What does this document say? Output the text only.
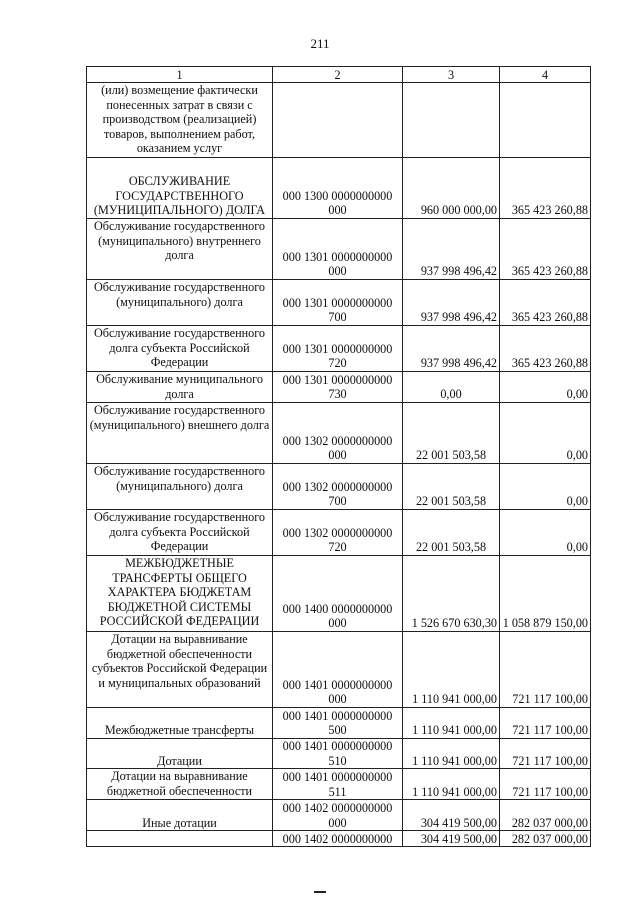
211
1	2	3	4
(или) возмещение фактически понесенных затрат в связи с производством (реализацией) товаров, выполнением работ, оказанием услуг			
ОБСЛУЖИВАНИЕ ГОСУДАРСТВЕННОГО (МУНИЦИПАЛЬНОГО) ДОЛГА	000 1300 0000000000 000	960 000 000,00	365 423 260,88
Обслуживание государственного (муниципального) внутреннего долга	000 1301 0000000000 000	937 998 496,42	365 423 260,88
Обслуживание государственного (муниципального) долга	000 1301 0000000000 700	937 998 496,42	365 423 260,88
Обслуживание государственного долга субъекта Российской Федерации	000 1301 0000000000 720	937 998 496,42	365 423 260,88
Обслуживание муниципального долга	000 1301 0000000000 730	0,00	0,00
Обслуживание государственного (муниципального) внешнего долга	000 1302 0000000000 000	22 001 503,58	0,00
Обслуживание государственного (муниципального) долга	000 1302 0000000000 700	22 001 503,58	0,00
Обслуживание государственного долга субъекта Российской Федерации	000 1302 0000000000 720	22 001 503,58	0,00
МЕЖБЮДЖЕТНЫЕ ТРАНСФЕРТЫ ОБЩЕГО ХАРАКТЕРА БЮДЖЕТАМ БЮДЖЕТНОЙ СИСТЕМЫ РОССИЙСКОЙ ФЕДЕРАЦИИ	000 1400 0000000000 000	1 526 670 630,30	1 058 879 150,00
Дотации на выравнивание бюджетной обеспеченности субъектов Российской Федерации и муниципальных образований	000 1401 0000000000 000	1 110 941 000,00	721 117 100,00
Межбюджетные трансферты	000 1401 0000000000 500	1 110 941 000,00	721 117 100,00
Дотации	000 1401 0000000000 510	1 110 941 000,00	721 117 100,00
Дотации на выравнивание бюджетной обеспеченности	000 1401 0000000000 511	1 110 941 000,00	721 117 100,00
Иные дотации	000 1402 0000000000 000	304 419 500,00	282 037 000,00
	000 1402 0000000000	304 419 500,00	282 037 000,00
